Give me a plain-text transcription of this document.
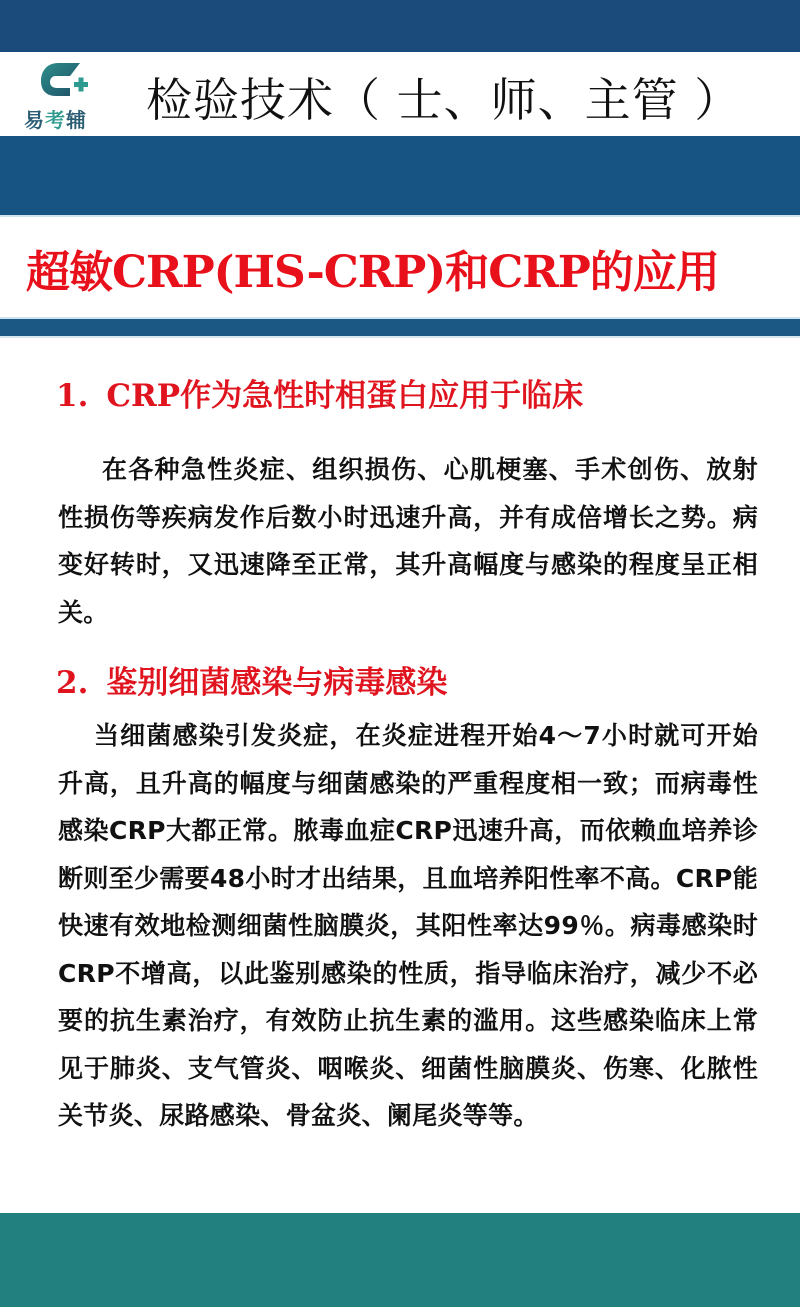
易考辅 检验技术（ 士、师、主管 ）
超敏CRP(HS-CRP)和CRP的应用
1. CRP作为急性时相蛋白应用于临床

在各种急性炎症、组织损伤、心肌梗塞、手术创伤、放射性损伤等疾病发作后数小时迅速升高，并有成倍增长之势。病变好转时，又迅速降至正常，其升高幅度与感染的程度呈正相关。

2. 鉴别细菌感染与病毒感染

当细菌感染引发炎症，在炎症进程开始4～7小时就可开始升高，且升高的幅度与细菌感染的严重程度相一致；而病毒性感染CRP大都正常。脓毒血症CRP迅速升高，而依赖血培养诊断则至少需要48小时才出结果，且血培养阳性率不高。CRP能快速有效地检测细菌性脑膜炎，其阳性率达99％。病毒感染时CRP不增高，以此鉴别感染的性质，指导临床治疗，减少不必要的抗生素治疗，有效防止抗生素的滥用。这些感染临床上常见于肺炎、支气管炎、咽喉炎、细菌性脑膜炎、伤寒、化脓性关节炎、尿路感染、骨盆炎、阑尾炎等等。
